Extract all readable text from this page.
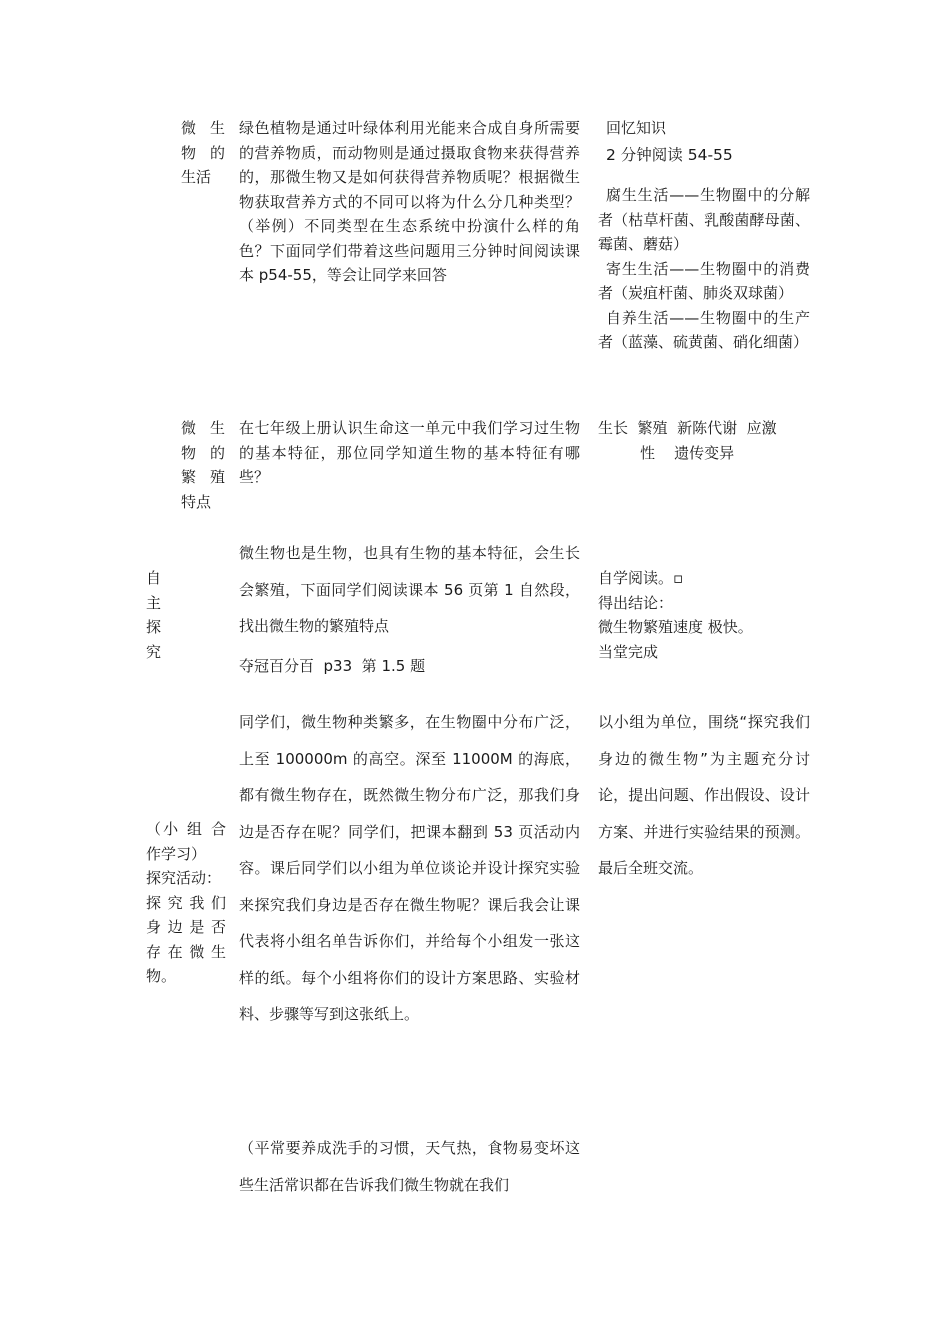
微 生
物 的
生活

绿色植物是通过叶绿体利用光能来合成自身所需要的营养物质，而动物则是通过摄取食物来获得营养的，那微生物又是如何获得营养物质呢？根据微生物获取营养方式的不同可以将为什么分几种类型？（举例）不同类型在生态系统中扮演什么样的角色？下面同学们带着这些问题用三分钟时间阅读课本 p54-55，等会让同学来回答

回忆知识
2 分钟阅读 54-55
腐生生活——生物圈中的分解者（枯草杆菌、乳酸菌酵母菌、霉菌、蘑菇）
寄生生活——生物圈中的消费者（炭疽杆菌、肺炎双球菌）
自养生活——生物圈中的生产者（蓝藻、硫黄菌、硝化细菌）
微 生
物 的
繁 殖
特点

在七年级上册认识生命这一单元中我们学习过生物的基本特征，那位同学知道生物的基本特征有哪些？

生长  繁殖  新陈代谢  应激
性    遗传变异
自
主
探
究

微生物也是生物，也具有生物的基本特征，会生长会繁殖，下面同学们阅读课本 56 页第 1 自然段，找出微生物的繁殖特点

夺冠百分百  p33  第 1.5 题
自学阅读。▫
得出结论：
微生物繁殖速度 极快。
当堂完成
（小 组 合
作学习）
探究活动：
探 究 我 们
身 边 是 否
存 在 微 生
物。

同学们，微生物种类繁多，在生物圈中分布广泛，上至 100000m 的高空。深至 11000M 的海底，都有微生物存在，既然微生物分布广泛，那我们身边是否存在呢？同学们，把课本翻到 53 页活动内容。课后同学们以小组为单位谈论并设计探究实验来探究我们身边是否存在微生物呢？课后我会让课代表将小组名单告诉你们，并给每个小组发一张这样的纸。每个小组将你们的设计方案思路、实验材料、步骤等写到这张纸上。

以小组为单位，围绕“探究我们身边的微生物”为主题充分讨论，提出问题、作出假设、设计方案、并进行实验结果的预测。 最后全班交流。

（平常要养成洗手的习惯，天气热，食物易变坏这些生活常识都在告诉我们微生物就在我们
